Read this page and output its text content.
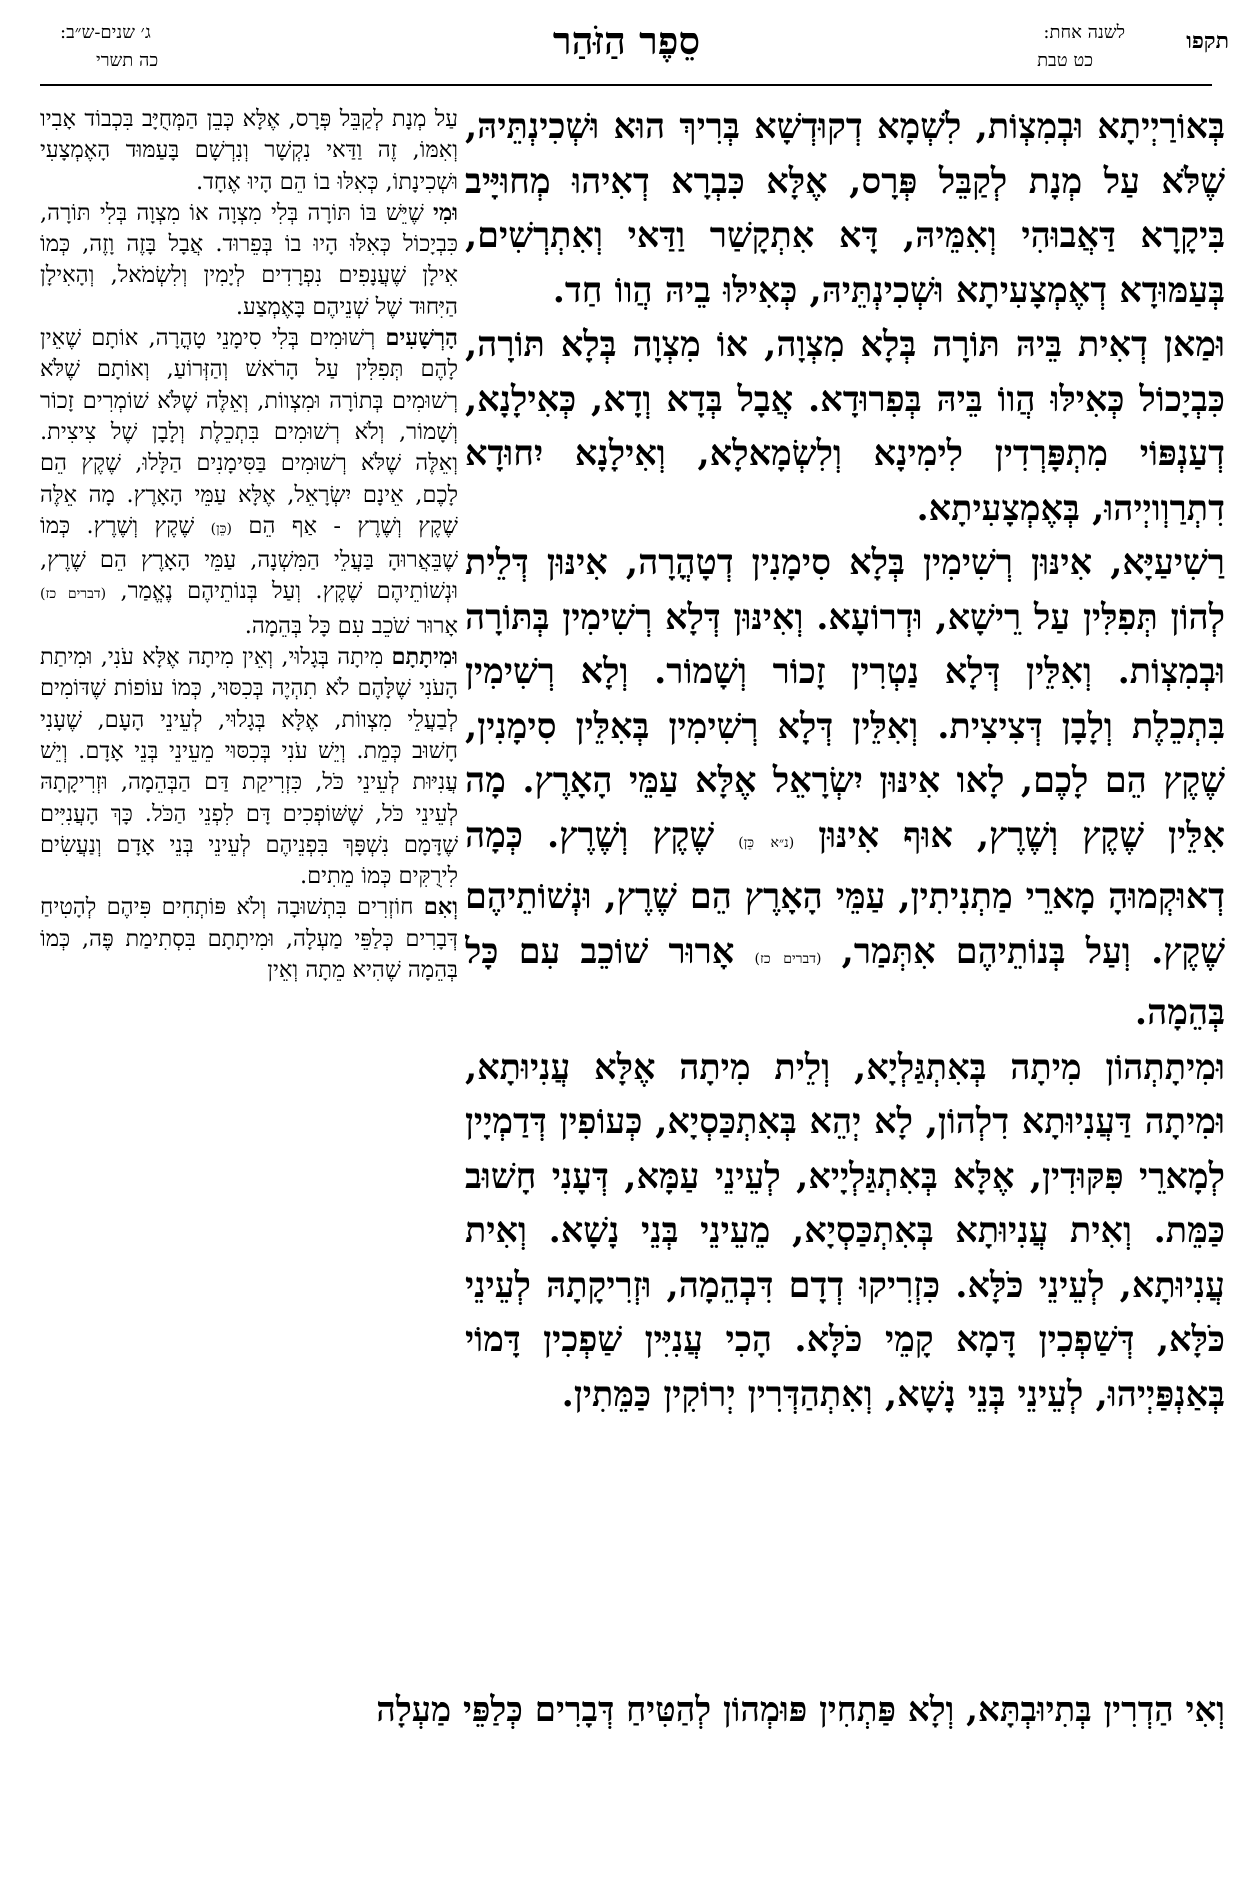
סֵפֶר הַזֹּהַר	תקפו
לשנה אחת:
כט טבת
ג׳ שנים-ש״ב:
כה תשרי

בְּאוֹרַיְיתָא וּבְמִצְוֹת, לִשְׁמָא דְקוּדְשָׁא בְּרִיךְ הוּא וּשְׁכִינְתֵּיהּ, שֶׁלֹּא עַל מְנָת לְקַבֵּל פְּרָס, אֶלָּא כִּבְרָא דְאִיהוּ מְחוּיָּיב בִּיקָרָא דַּאֲבוּהִי וְאִמֵּיהּ, דָּא אִתְקָשַׁר וַדַּאי וְאִתְרְשִׁים, בְּעַמּוּדָא דְאֶמְצָעִיתָא וּשְׁכִינְתֵּיהּ, כְּאִילּוּ בֵיהּ הֲווֹ חַד.

וּמַאן דְאִית בֵּיהּ תּוֹרָה בְּלָא מִצְוָה, אוֹ מִצְוָה בְּלָא תּוֹרָה, כִּבְיָכוֹל כְּאִילּוּ הֲווֹ בֵּיהּ בְּפִרוּדָא. אֲבָל בְּדָא וְדָא, כְּאִילָנָא, דְעַנְפּוֹי מִתְפָּרְדִין לִימִינָא וְלִשְׂמָאלָא, וְאִילָנָא יִחוּדָא דִתְרַוְויְיהוּ, בְּאֶמְצָעִיתָא.

רַשִׁיעַיָּא, אִינּוּן רְשִׁימִין בְּלָא סִימָנִין דְטָהֳרָה, אִינּוּן דְּלֵית לְהוֹן תְּפִלִּין עַל רֵישָׁא, וּדְרוֹעָא. וְאִינּוּן דְּלָא רְשִׁימִין בְּתּוֹרָה וּבְמִצְוֹת. וְאִלֵּין דְּלָא נַטְרִין זָכוֹר וְשָׁמוֹר. וְלָא רְשִׁימִין בִּתְכֵלֶת וְלָבָן דְּצִיצִית. וְאִלֵּין דְּלָא רְשִׁימִין בְּאִלֵּין סִימָנִין, שֶׁקֶץ הֵם לָכֶם, לָאו אִינּוּן יִשְׂרָאֵל אֶלָּא עַמֵּי הָאָרֶץ. מָה אִלֵּין שֶׁקֶץ וְשֶׁרֶץ, אוּף אִינּוּן (נ״א כֵּן) שֶׁקֶץ וְשֶׁרֶץ. כְּמָה דְאוּקְמוּהָ מָארֵי מַתְנִיתִין, עַמֵּי הָאָרֶץ הֵם שֶׁרֶץ, וּנְשׁוֹתֵיהֶם שֶׁקֶץ. וְעַל בְּנוֹתֵיהֶם אִתְּמַר, (דברים כז) אָרוּר שׁוֹכֵב עִם כָּל בְּהֵמָה.

וּמִיתָתְהוֹן מִיתָה בְּאִתְגַּלְיָא, וְלֵית מִיתָה אֶלָּא עֲנִיוּתָא, וּמִיתָה דַּעֲנִיוּתָא דִלְהוֹן, לָא יְהֵא בְּאִתְכַּסְיָא, כְּעוֹפִין דְּדַמְיָין לְמָארֵי פִּקּוּדִין, אֶלָּא בְּאִתְגַּלְיָיא, לְעֵינֵי עַמָּא, דְּעָנִי חָשׁוּב כַּמֵּת. וְאִית עֲנִיוּתָא בְּאִתְכַּסְיָא, מֵעֵינֵי בְּנֵי נָשָׁא. וְאִית עֲנִיוּתָא, לְעֵינֵי כֹּלָּא. כִּזְרִיקוּ דְדָם דִּבְהֵמָה, וּזְרִיקָתָהּ לְעֵינֵי כֹּלָּא, דְּשַׁפְכִין דָּמָא קָמֵי כֹּלָּא. הָכִי עֲנִיִּין שַׁפְכִין דָּמוֹי בְּאַנְפַּיְיהוּ, לְעֵינֵי בְּנֵי נָשָׁא, וְאִתְהַדְּרִין יְרוֹקִין כַּמֵּתִין.

עַל מְנָת לְקַבֵּל פְּרָס, אֶלָּא כְּבֵן הַמְּחֻיָּב בִּכְבוֹד אָבִיו וְאִמּוֹ, זֶה וַדַּאי נִקְשָׁר וְנִרְשָׁם בָּעַמּוּד הָאֶמְצָעִי וּשְׁכִינָתוֹ, כְּאִלּוּ בוֹ הֵם הָיוּ אֶחָד.

וּמִי שֶׁיֵּשׁ בּוֹ תּוֹרָה בְּלִי מִצְוָה אוֹ מִצְוָה בְּלִי תּוֹרָה, כִּבְיָכוֹל כְּאִלּוּ הָיוּ בוֹ בְּפֵרוּד. אֲבָל בָּזֶה וָזֶה, כְּמוֹ אִילָן שֶׁעֲנָפִים נִפְרָדִים לְיָמִין וְלִשְׂמֹאל, וְהָאִילָן הַיִּחוּד שֶׁל שְׁנֵיהֶם בָּאֶמְצַע.

הָרְשָׁעִים רְשׁוּמִים בְּלִי סִימָנֵי טָהֳרָה, אוֹתָם שֶׁאֵין לָהֶם תְּפִלִּין עַל הָרֹאשׁ וְהַזְּרוֹעַ, וְאוֹתָם שֶׁלֹּא רְשׁוּמִים בְּתוֹרָה וּמִצְווֹת, וְאֵלֶּה שֶׁלֹּא שׁוֹמְרִים זָכוֹר וְשָׁמוֹר, וְלֹא רְשׁוּמִים בִּתְכֵלֶת וְלָבָן שֶׁל צִיצִית. וְאֵלֶּה שֶׁלֹּא רְשׁוּמִים בַּסִּימָנִים הַלָּלוּ, שֶׁקֶץ הֵם לָכֶם, אֵינָם יִשְׂרָאֵל, אֶלָּא עַמֵּי הָאָרֶץ. מָה אֵלֶּה שֶׁקֶץ וְשֶׁרֶץ - אַף הֵם (כֵּן) שֶׁקֶץ וְשֶׁרֶץ. כְּמוֹ שֶׁבֵּאֲרוּהָ בַּעֲלֵי הַמִּשְׁנָה, עַמֵּי הָאָרֶץ הֵם שֶׁרֶץ, וּנְשׁוֹתֵיהֶם שֶׁקֶץ. וְעַל בְּנוֹתֵיהֶם נֶאֱמַר, (דברים כז) אָרוּר שֹׁכֵב עִם כָּל בְּהֵמָה.

וּמִיתָתָם מִיתָה בְּגָלוּי, וְאֵין מִיתָה אֶלָּא עֹנִי, וּמִיתַת הָעֹנִי שֶׁלָּהֶם לֹא תִהְיֶה בְּכִסּוּי, כְּמוֹ עוֹפוֹת שֶׁדּוֹמִים לְבַעֲלֵי מִצְווֹת, אֶלָּא בְּגָלוּי, לְעֵינֵי הָעָם, שֶׁעָנִי חָשׁוּב כְּמֵת. וְיֵשׁ עֹנִי בְּכִסּוּי מֵעֵינֵי בְּנֵי אָדָם. וְיֵשׁ עֲנִיּוּת לְעֵינֵי כֹּל, כִּזְרִיקַת דַּם הַבְּהֵמָה, וּזְרִיקָתָהּ לְעֵינֵי כֹּל, שֶׁשּׁוֹפְכִים דָּם לִפְנֵי הַכֹּל. כָּךְ הָעֲנִיִּים שֶׁדָּמָם נִשְׁפָּךְ בִּפְנֵיהֶם לְעֵינֵי בְּנֵי אָדָם וְנַעֲשִׂים לִירֻקִּים כְּמוֹ מֵתִים.

וְאִם חוֹזְרִים בִּתְשׁוּבָה וְלֹא פּוֹתְחִים פִּיהֶם לְהָטִיחַ דְּבָרִים כְּלַפֵּי מַעְלָה, וּמִיתָתָם בִּסְתִימַת פֶּה, כְּמוֹ בְּהֵמָה שֶׁהִיא מֵתָה וְאֵין

וְאִי הַדְרִין בְּתִיוּבְתָּא, וְלָא פַּתְחִין פּוּמְהוֹן לְהַטִּיחַ דְּבָרִים כְּלַפֵּי מַעְלָה
